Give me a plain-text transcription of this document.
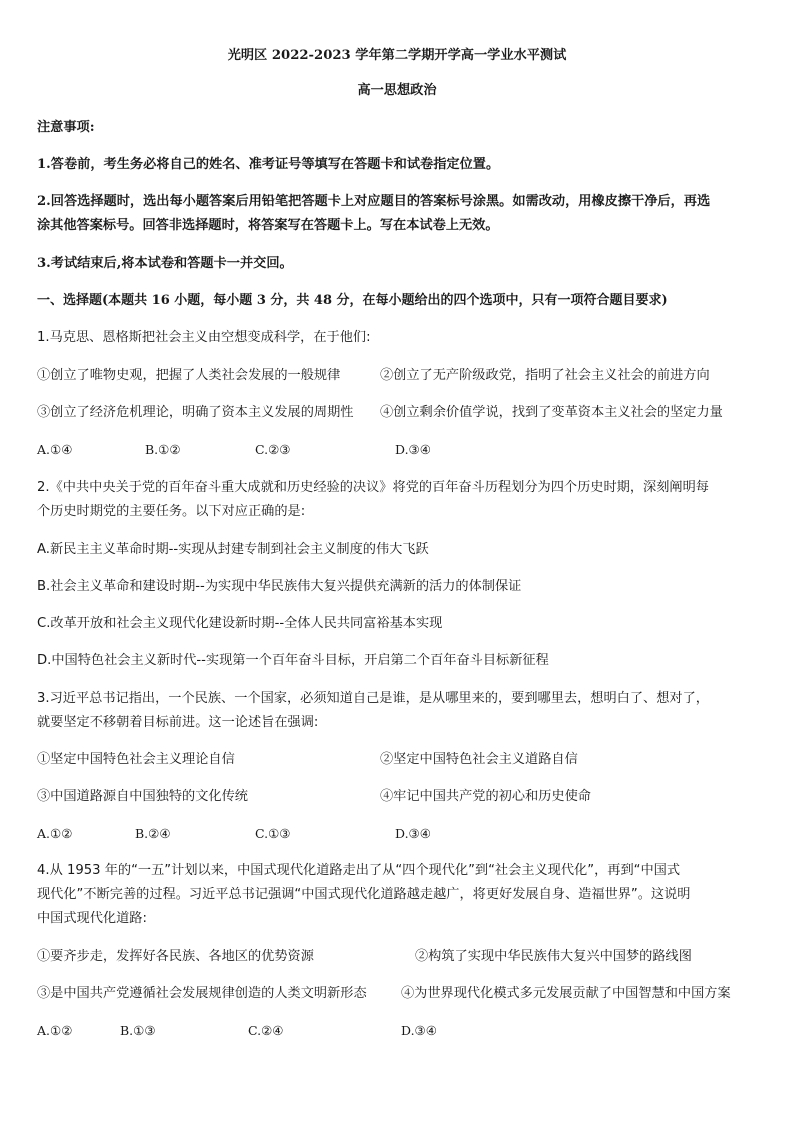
光明区 2022-2023 学年第二学期开学高一学业水平测试
高一思想政治
注意事项:
1.答卷前，考生务必将自己的姓名、准考证号等填写在答题卡和试卷指定位置。
2.回答选择题时，选出每小题答案后用铅笔把答题卡上对应题目的答案标号涂黑。如需改动，用橡皮擦干净后，再选
涂其他答案标号。回答非选择题时，将答案写在答题卡上。写在本试卷上无效。
3.考试结束后,将本试卷和答题卡一并交回。
一、选择题(本题共 16 小题，每小题 3 分，共 48 分，在每小题给出的四个选项中，只有一项符合题目要求)
1.马克思、恩格斯把社会主义由空想变成科学，在于他们:
①创立了唯物史观，把握了人类社会发展的一般规律	②创立了无产阶级政党，指明了社会主义社会的前进方向
③创立了经济危机理论，明确了资本主义发展的周期性 ④创立剩余价值学说，找到了变革资本主义社会的坚定力量
A.①④	B.①②	C.②③	D.③④
2.《中共中央关于党的百年奋斗重大成就和历史经验的决议》将党的百年奋斗历程划分为四个历史时期，深刻阐明每
个历史时期党的主要任务。以下对应正确的是:
A.新民主主义革命时期--实现从封建专制到社会主义制度的伟大飞跃
B.社会主义革命和建设时期--为实现中华民族伟大复兴提供充满新的活力的体制保证
C.改革开放和社会主义现代化建设新时期--全体人民共同富裕基本实现
D.中国特色社会主义新时代--实现第一个百年奋斗目标，开启第二个百年奋斗目标新征程
3.习近平总书记指出，一个民族、一个国家，必须知道自己是谁，是从哪里来的，要到哪里去，想明白了、想对了，
就要坚定不移朝着目标前进。这一论述旨在强调:
①坚定中国特色社会主义理论自信	②坚定中国特色社会主义道路自信
③中国道路源自中国独特的文化传统	④牢记中国共产党的初心和历史使命
A.①②	B.②④	C.①③	D.③④
4.从 1953 年的“一五”计划以来，中国式现代化道路走出了从“四个现代化”到“社会主义现代化”，再到“中国式
现代化”不断完善的过程。习近平总书记强调“中国式现代化道路越走越广，将更好发展自身、造福世界”。这说明
中国式现代化道路:
①要齐步走，发挥好各民族、各地区的优势资源	②构筑了实现中华民族伟大复兴中国梦的路线图
③是中国共产党遵循社会发展规律创造的人类文明新形态	④为世界现代化模式多元发展贡献了中国智慧和中国方案
A.①②	B.①③	C.②④	D.③④
